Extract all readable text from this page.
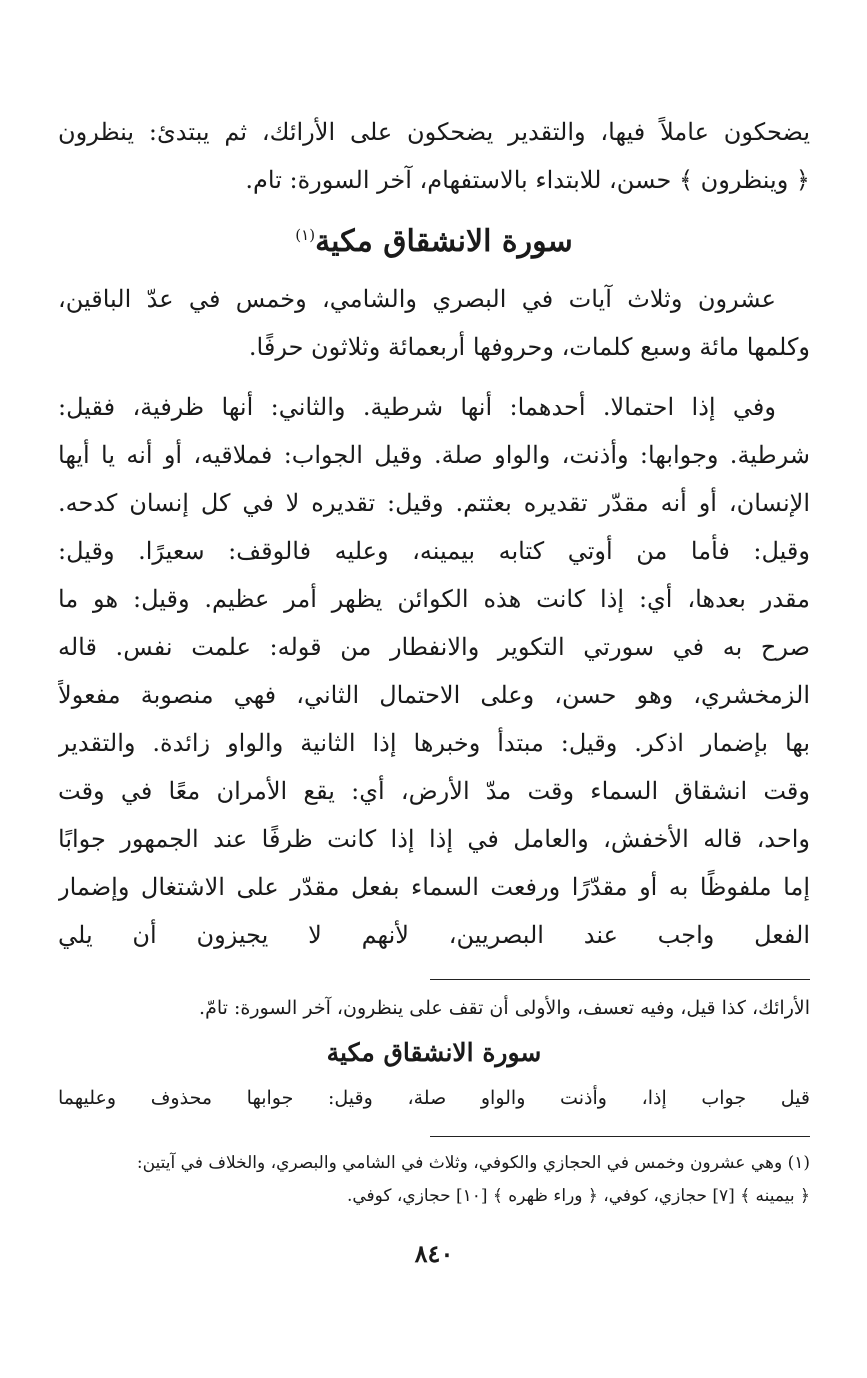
يضحكون عاملاً فيها، والتقدير يضحكون على الأرائك، ثم يبتدئ: ينظرون
﴿ وينظرون ﴾ حسن، للابتداء بالاستفهام، آخر السورة: تام.
سورة الانشقاق مكية$^{(١)}$
عشرون وثلاث آيات في البصري والشامي، وخمس في عدّ الباقين،
وكلمها مائة وسبع كلمات، وحروفها أربعمائة وثلاثون حرفًا.
وفي إذا احتمالا. أحدهما: أنها شرطية. والثاني: أنها ظرفية، فقيل:
شرطية. وجوابها: وأذنت، والواو صلة. وقيل الجواب: فملاقيه، أو أنه يا أيها
الإنسان، أو أنه مقدّر تقديره بعثتم. وقيل: تقديره لا في كل إنسان كدحه.
وقيل: فأما من أوتي كتابه بيمينه، وعليه فالوقف: سعيرًا. وقيل:
مقدر بعدها، أي: إذا كانت هذه الكوائن يظهر أمر عظيم. وقيل: هو ما
صرح به في سورتي التكوير والانفطار من قوله: علمت نفس. قاله
الزمخشري، وهو حسن، وعلى الاحتمال الثاني، فهي منصوبة مفعولاً
بها بإضمار اذكر. وقيل: مبتدأ وخبرها إذا الثانية والواو زائدة. والتقدير
وقت انشقاق السماء وقت مدّ الأرض، أي: يقع الأمران معًا في وقت
واحد، قاله الأخفش، والعامل في إذا إذا كانت ظرفًا عند الجمهور جوابًا
إما ملفوظًا به أو مقدّرًا ورفعت السماء بفعل مقدّر على الاشتغال وإضمار
الفعل واجب عند البصريين، لأنهم لا يجيزون أن يلي
الأرائك، كذا قيل، وفيه تعسف، والأولى أن تقف على ينظرون، آخر السورة: تامّ.
سورة الانشقاق مكية
قيل جواب إذا، وأذنت والواو صلة، وقيل: جوابها محذوف وعليهما
(١) وهي عشرون وخمس في الحجازي والكوفي، وثلاث في الشامي والبصري، والخلاف في آيتين:
﴿ بيمينه ﴾ [٧] حجازي، كوفي، ﴿ وراء ظهره ﴾ [١٠] حجازي، كوفي.
٨٤٠
